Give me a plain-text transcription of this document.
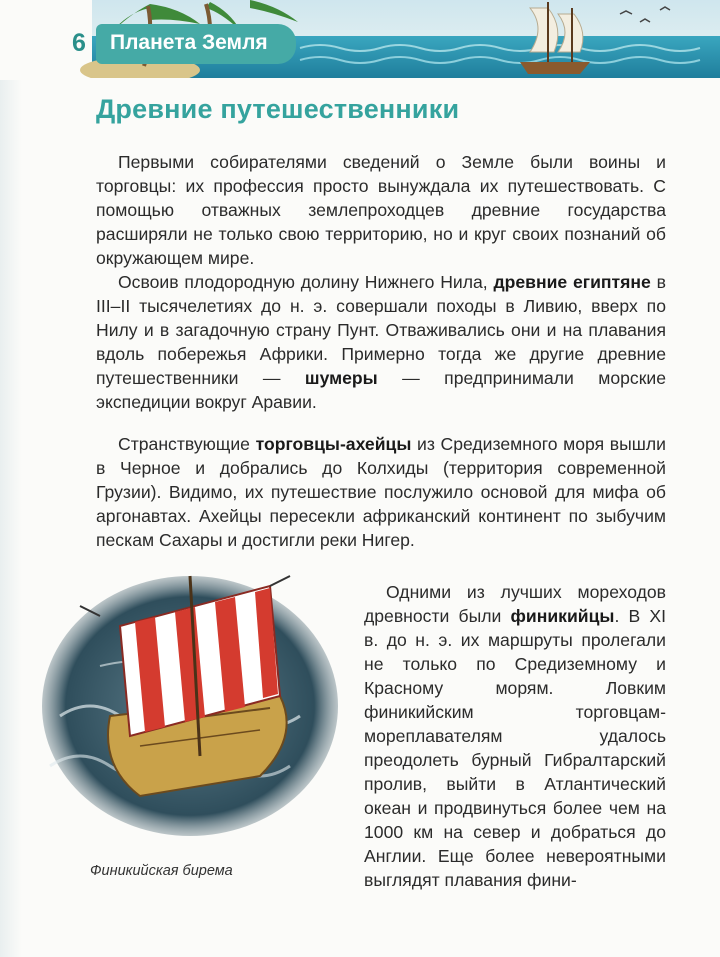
6 Планета Земля
Древние путешественники

Первыми собирателями сведений о Земле были воины и торговцы: их профессия просто вынуждала их путешествовать. С помощью отважных землепроходцев древние государства расширяли не только свою территорию, но и круг своих познаний об окружающем мире.

Освоив плодородную долину Нижнего Нила, древние египтяне в III–II тысячелетиях до н. э. совершали походы в Ливию, вверх по Нилу и в загадочную страну Пунт. Отваживались они и на плавания вдоль побережья Африки. Примерно тогда же другие древние путешественники — шумеры — предпринимали морские экспедиции вокруг Аравии.

Странствующие торговцы-ахейцы из Средиземного моря вышли в Черное и добрались до Колхиды (территория современной Грузии). Видимо, их путешествие послужило основой для мифа об аргонавтах. Ахейцы пересекли африканский континент по зыбучим пескам Сахары и достигли реки Нигер.

Финикийская бирема

Одними из лучших мореходов древности были финикийцы. В XI в. до н. э. их маршруты пролегали не только по Средиземному и Красному морям. Ловким финикийским торговцам-мореплавателям удалось преодолеть бурный Гибралтарский пролив, выйти в Атлантический океан и продвинуться более чем на 1000 км на север и добраться до Англии. Еще более невероятными выглядят плавания фини-
